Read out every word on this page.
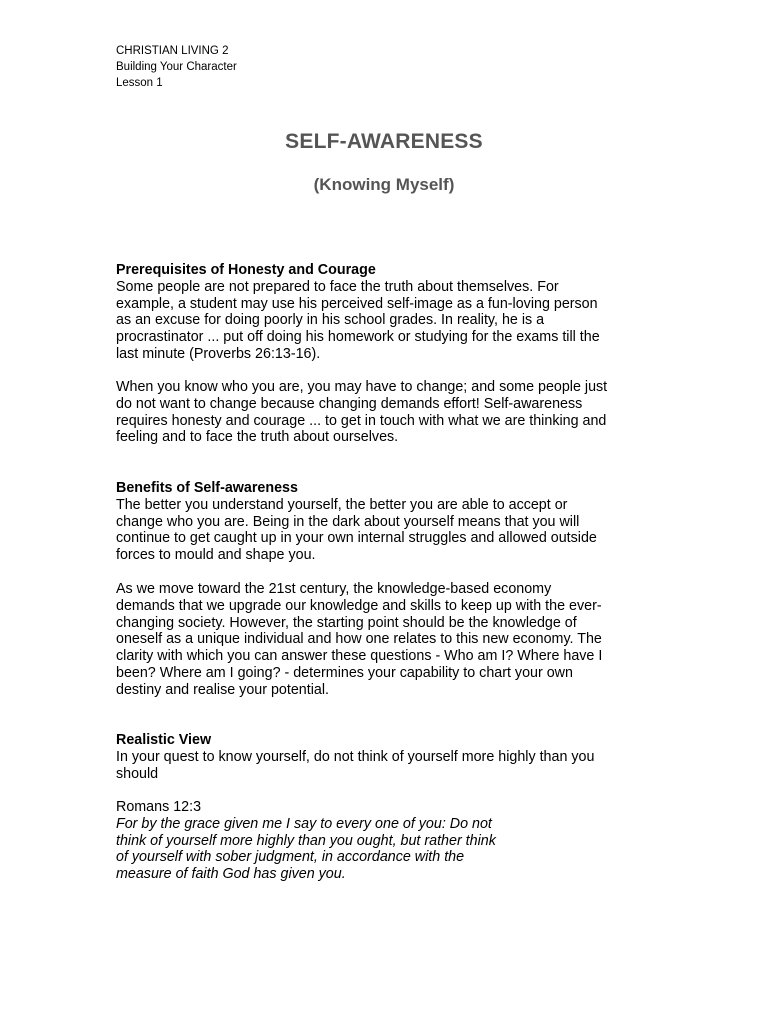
CHRISTIAN LIVING 2
Building Your Character
Lesson 1
SELF-AWARENESS
(Knowing Myself)
Prerequisites of Honesty and Courage
Some people are not prepared to face the truth about themselves. For
example, a student may use his perceived self-image as a fun-loving person
as an excuse for doing poorly in his school grades. In reality, he is a
procrastinator ... put off doing his homework or studying for the exams till the
last minute (Proverbs 26:13-16).
When you know who you are, you may have to change; and some people just
do not want to change because changing demands effort! Self-awareness
requires honesty and courage ... to get in touch with what we are thinking and
feeling and to face the truth about ourselves.
Benefits of Self-awareness
The better you understand yourself, the better you are able to accept or
change who you are. Being in the dark about yourself means that you will
continue to get caught up in your own internal struggles and allowed outside
forces to mould and shape you.
As we move toward the 21st century, the knowledge-based economy
demands that we upgrade our knowledge and skills to keep up with the ever-
changing society. However, the starting point should be the knowledge of
oneself as a unique individual and how one relates to this new economy. The
clarity with which you can answer these questions - Who am I? Where have I
been? Where am I going? - determines your capability to chart your own
destiny and realise your potential.
Realistic View
In your quest to know yourself, do not think of yourself more highly than you
should
Romans 12:3
For by the grace given me I say to every one of you: Do not
think of yourself more highly than you ought, but rather think
of yourself with sober judgment, in accordance with the
measure of faith God has given you.
